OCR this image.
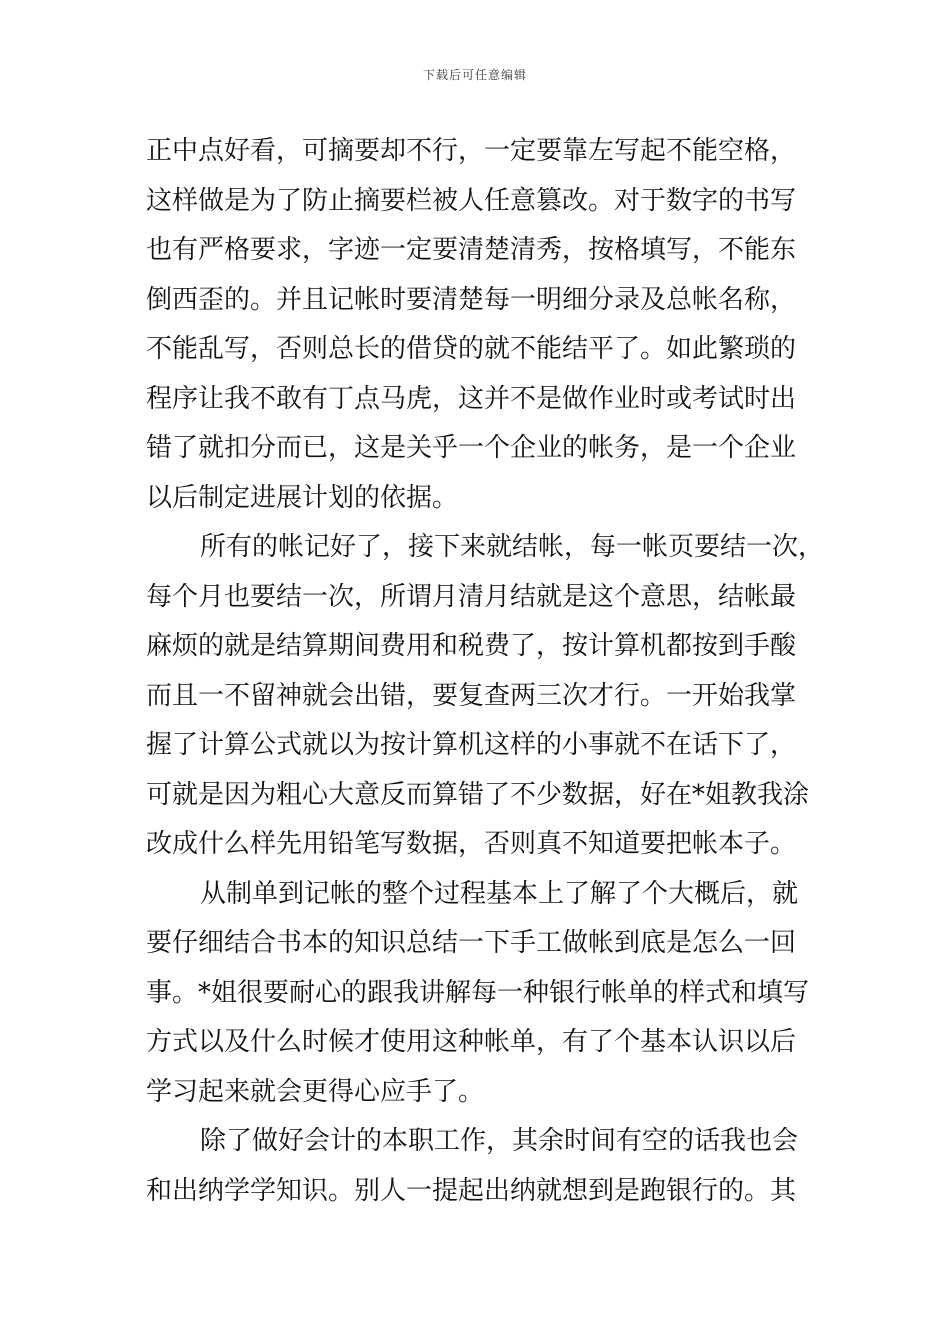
下载后可任意编辑
正中点好看，可摘要却不行，一定要靠左写起不能空格，
这样做是为了防止摘要栏被人任意篡改。对于数字的书写
也有严格要求，字迹一定要清楚清秀，按格填写，不能东
倒西歪的。并且记帐时要清楚每一明细分录及总帐名称，
不能乱写，否则总长的借贷的就不能结平了。如此繁琐的
程序让我不敢有丁点马虎，这并不是做作业时或考试时出
错了就扣分而已，这是关乎一个企业的帐务，是一个企业
以后制定进展计划的依据。
所有的帐记好了，接下来就结帐，每一帐页要结一次，
每个月也要结一次，所谓月清月结就是这个意思，结帐最
麻烦的就是结算期间费用和税费了，按计算机都按到手酸
而且一不留神就会出错，要复查两三次才行。一开始我掌
握了计算公式就以为按计算机这样的小事就不在话下了，
可就是因为粗心大意反而算错了不少数据，好在*姐教我涂
改成什么样先用铅笔写数据，否则真不知道要把帐本子。
从制单到记帐的整个过程基本上了解了个大概后，就
要仔细结合书本的知识总结一下手工做帐到底是怎么一回
事。*姐很要耐心的跟我讲解每一种银行帐单的样式和填写
方式以及什么时候才使用这种帐单，有了个基本认识以后
学习起来就会更得心应手了。
除了做好会计的本职工作，其余时间有空的话我也会
和出纳学学知识。别人一提起出纳就想到是跑银行的。其
